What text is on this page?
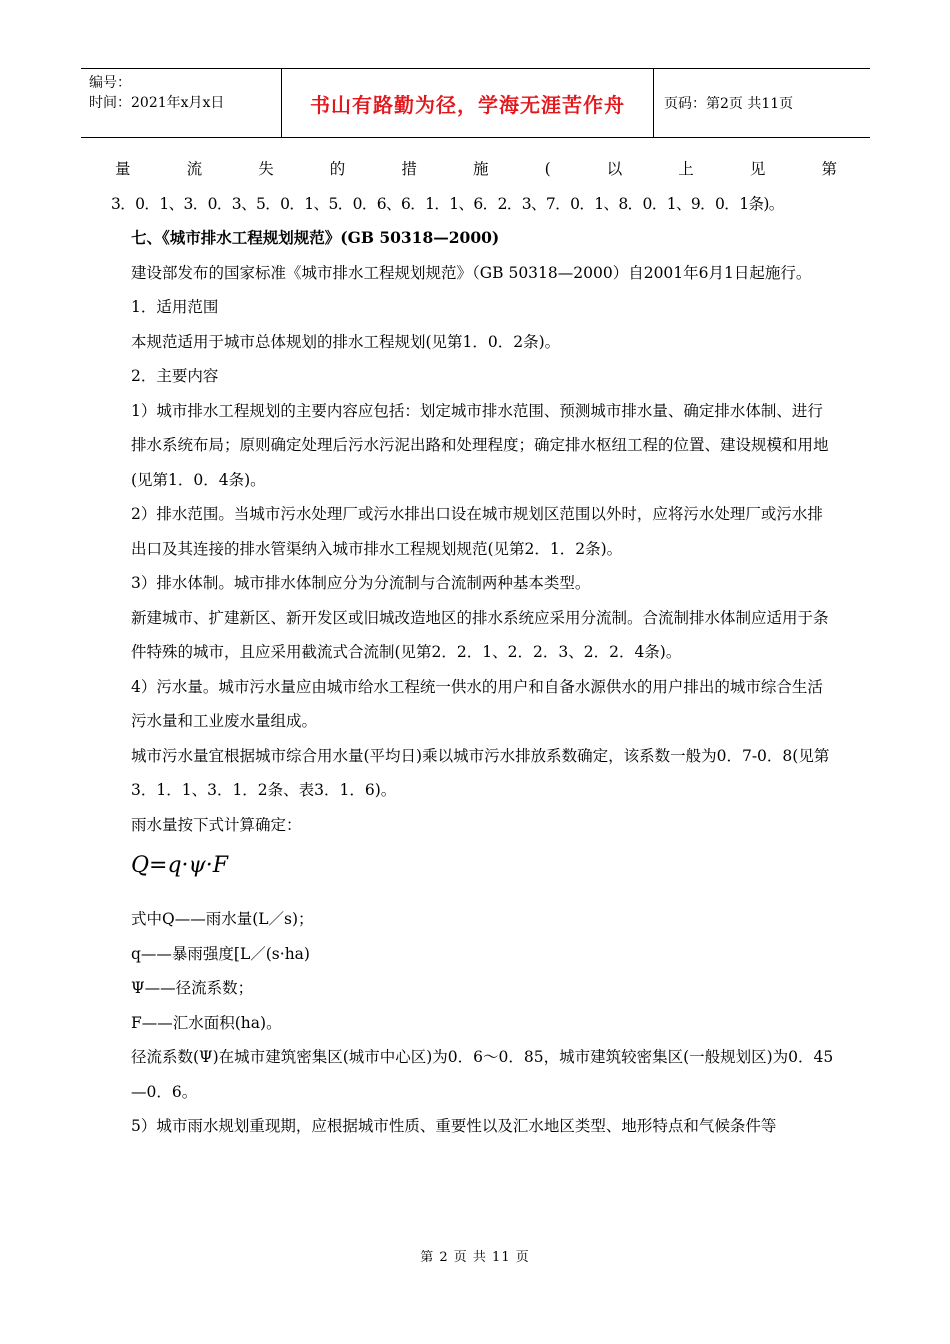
编号：
时间：2021年x月x日	书山有路勤为径，学海无涯苦作舟	页码：第2页 共11页
量	流	失	的	措	施	(	以	上	见	第

3．0．1、3．0．3、5．0．1、5．0．6、6．1．1、6．2．3、7．0．1、8．0．1、9．0．1条)。

七、《城市排水工程规划规范》(GB 50318—2000)

建设部发布的国家标准《城市排水工程规划规范》（GB 50318—2000）自2001年6月1日起施行。

1．适用范围

本规范适用于城市总体规划的排水工程规划(见第1．0．2条)。

2．主要内容

1）城市排水工程规划的主要内容应包括：划定城市排水范围、预测城市排水量、确定排水体制、进行排水系统布局；原则确定处理后污水污泥出路和处理程度；确定排水枢纽工程的位置、建设规模和用地(见第1．0．4条)。

2）排水范围。当城市污水处理厂或污水排出口设在城市规划区范围以外时，应将污水处理厂或污水排出口及其连接的排水管渠纳入城市排水工程规划规范(见第2．1．2条)。

3）排水体制。城市排水体制应分为分流制与合流制两种基本类型。

新建城市、扩建新区、新开发区或旧城改造地区的排水系统应采用分流制。合流制排水体制应适用于条件特殊的城市，且应采用截流式合流制(见第2．2．1、2．2．3、2．2．4条)。

4）污水量。城市污水量应由城市给水工程统一供水的用户和自备水源供水的用户排出的城市综合生活污水量和工业废水量组成。

城市污水量宜根据城市综合用水量(平均日)乘以城市污水排放系数确定，该系数一般为0．7-0．8(见第3．1．1、3．1．2条、表3．1．6)。

雨水量按下式计算确定：

Q=q·ψ·F

式中Q——雨水量(L／s)；

q——暴雨强度[L／(s·ha)

Ψ——径流系数；

F——汇水面积(ha)。

径流系数(Ψ)在城市建筑密集区(城市中心区)为0．6～0．85，城市建筑较密集区(一般规划区)为0．45—0．6。

5）城市雨水规划重现期，应根据城市性质、重要性以及汇水地区类型、地形特点和气候条件等

第 2 页 共 11 页
